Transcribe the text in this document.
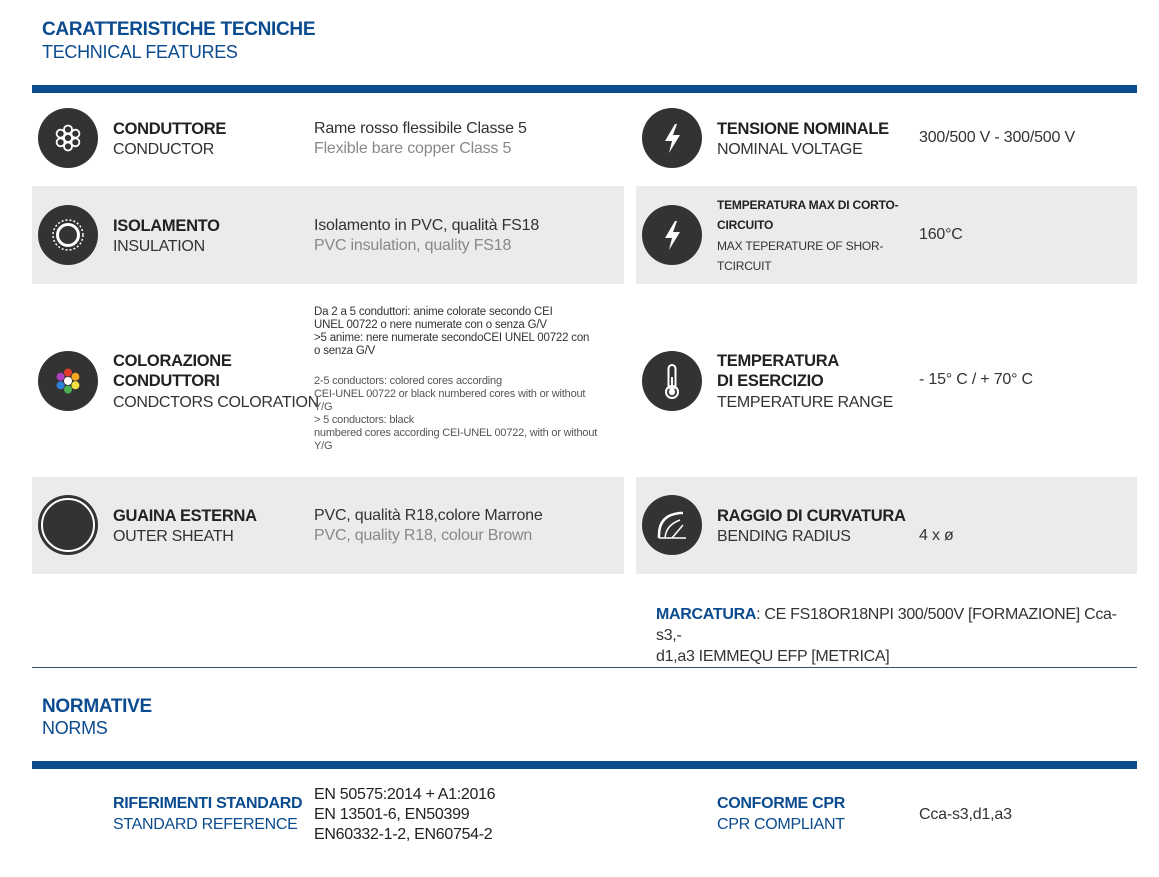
CARATTERISTICHE TECNICHE
TECHNICAL FEATURES
CONDUTTORE
CONDUCTOR
Rame rosso flessibile Classe 5
Flexible bare copper Class 5
TENSIONE NOMINALE
NOMINAL VOLTAGE
300/500 V - 300/500 V
ISOLAMENTO
INSULATION
Isolamento in PVC, qualità FS18
PVC insulation, quality FS18
TEMPERATURA MAX DI CORTO-
CIRCUITO
MAX TEPERATURE OF SHOR-
TCIRCUIT
160°C
COLORAZIONE
CONDUTTORI
CONDCTORS COLORATION
Da 2 a 5 conduttori: anime colorate secondo CEI
UNEL 00722 o nere numerate con o senza G/V
>5 anime: nere numerate secondoCEI UNEL 00722 con
o senza G/V
2-5 conductors: colored cores according
CEI-UNEL 00722 or black numbered cores with or without
Y/G
> 5 conductors: black
numbered cores according CEI-UNEL 00722, with or without
Y/G
TEMPERATURA
DI ESERCIZIO
TEMPERATURE RANGE
- 15° C / + 70° C
GUAINA ESTERNA
OUTER SHEATH
PVC, qualità R18,colore Marrone
PVC, quality R18, colour Brown
RAGGIO DI CURVATURA
BENDING RADIUS	4 x ø
MARCATURA: CE FS18OR18NPI 300/500V [FORMAZIONE] Cca-s3,-
d1,a3 IEMMEQU EFP [METRICA]
NORMATIVE
NORMS
RIFERIMENTI STANDARD
STANDARD REFERENCE
EN 50575:2014 + A1:2016
EN 13501-6, EN50399
EN60332-1-2, EN60754-2
CONFORME CPR
CPR COMPLIANT
Cca-s3,d1,a3
